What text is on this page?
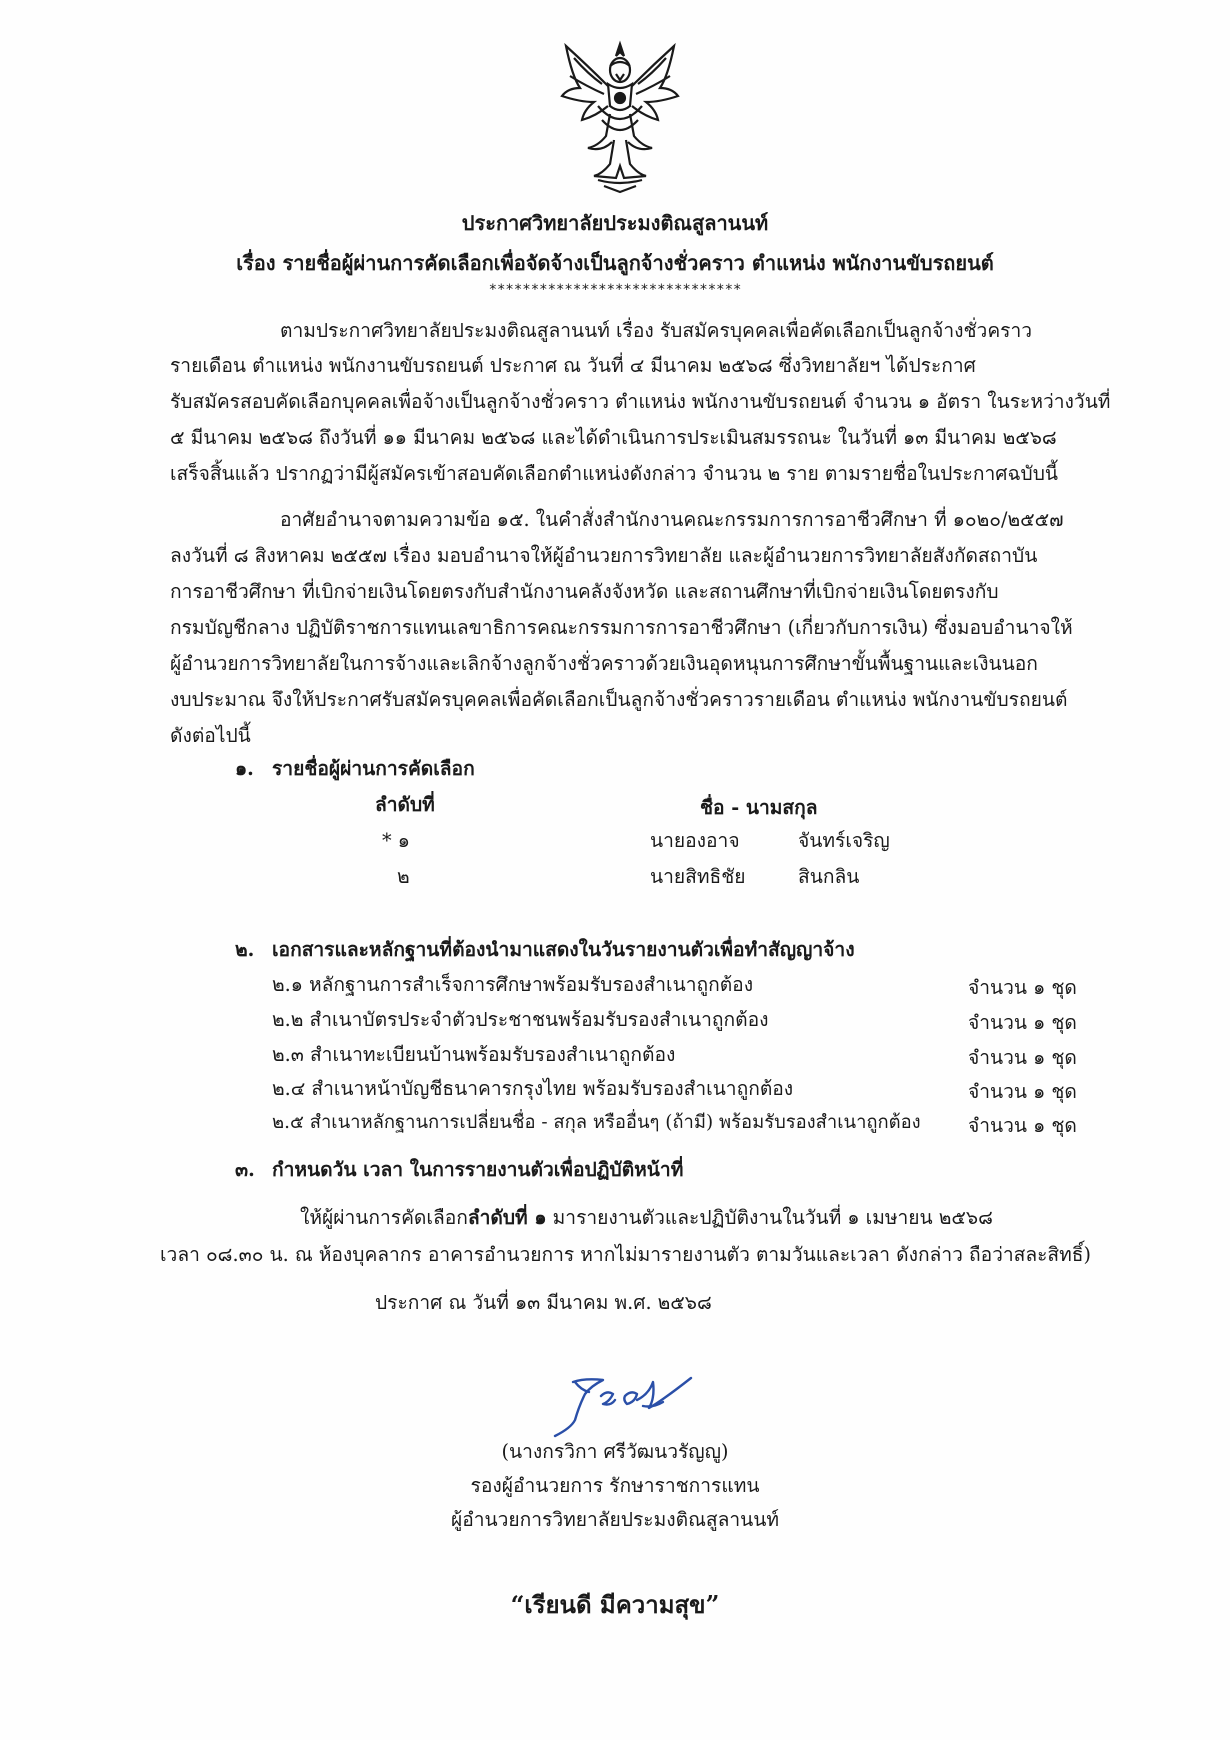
ประกาศวิทยาลัยประมงติณสูลานนท์
เรื่อง รายชื่อผู้ผ่านการคัดเลือกเพื่อจัดจ้างเป็นลูกจ้างชั่วคราว ตำแหน่ง พนักงานขับรถยนต์
******************************
ตามประกาศวิทยาลัยประมงติณสูลานนท์ เรื่อง รับสมัครบุคคลเพื่อคัดเลือกเป็นลูกจ้างชั่วคราว
รายเดือน ตำแหน่ง พนักงานขับรถยนต์ ประกาศ ณ วันที่ ๔ มีนาคม ๒๕๖๘ ซึ่งวิทยาลัยฯ ได้ประกาศ
รับสมัครสอบคัดเลือกบุคคลเพื่อจ้างเป็นลูกจ้างชั่วคราว ตำแหน่ง พนักงานขับรถยนต์ จำนวน ๑ อัตรา ในระหว่างวันที่
๕ มีนาคม ๒๕๖๘ ถึงวันที่ ๑๑ มีนาคม ๒๕๖๘ และได้ดำเนินการประเมินสมรรถนะ ในวันที่ ๑๓ มีนาคม ๒๕๖๘
เสร็จสิ้นแล้ว ปรากฏว่ามีผู้สมัครเข้าสอบคัดเลือกตำแหน่งดังกล่าว จำนวน ๒ ราย ตามรายชื่อในประกาศฉบับนี้
อาศัยอำนาจตามความข้อ ๑๕. ในคำสั่งสำนักงานคณะกรรมการการอาชีวศึกษา ที่ ๑๐๒๐/๒๕๕๗
ลงวันที่ ๘ สิงหาคม ๒๕๕๗ เรื่อง มอบอำนาจให้ผู้อำนวยการวิทยาลัย และผู้อำนวยการวิทยาลัยสังกัดสถาบัน
การอาชีวศึกษา ที่เบิกจ่ายเงินโดยตรงกับสำนักงานคลังจังหวัด และสถานศึกษาที่เบิกจ่ายเงินโดยตรงกับ
กรมบัญชีกลาง ปฏิบัติราชการแทนเลขาธิการคณะกรรมการการอาชีวศึกษา (เกี่ยวกับการเงิน) ซึ่งมอบอำนาจให้
ผู้อำนวยการวิทยาลัยในการจ้างและเลิกจ้างลูกจ้างชั่วคราวด้วยเงินอุดหนุนการศึกษาขั้นพื้นฐานและเงินนอก
งบประมาณ จึงให้ประกาศรับสมัครบุคคลเพื่อคัดเลือกเป็นลูกจ้างชั่วคราวรายเดือน ตำแหน่ง พนักงานขับรถยนต์
ดังต่อไปนี้
๑. รายชื่อผู้ผ่านการคัดเลือก
ลำดับที่	ชื่อ - นามสกุล
* ๑	นายองอาจ	จันทร์เจริญ
๒	นายสิทธิชัย	สินกลิน
๒. เอกสารและหลักฐานที่ต้องนำมาแสดงในวันรายงานตัวเพื่อทำสัญญาจ้าง
๒.๑ หลักฐานการสำเร็จการศึกษาพร้อมรับรองสำเนาถูกต้อง	จำนวน ๑ ชุด
๒.๒ สำเนาบัตรประจำตัวประชาชนพร้อมรับรองสำเนาถูกต้อง	จำนวน ๑ ชุด
๒.๓ สำเนาทะเบียนบ้านพร้อมรับรองสำเนาถูกต้อง	จำนวน ๑ ชุด
๒.๔ สำเนาหน้าบัญชีธนาคารกรุงไทย พร้อมรับรองสำเนาถูกต้อง	จำนวน ๑ ชุด
๒.๕ สำเนาหลักฐานการเปลี่ยนชื่อ - สกุล หรืออื่นๆ (ถ้ามี) พร้อมรับรองสำเนาถูกต้อง จำนวน ๑ ชุด
๓. กำหนดวัน เวลา ในการรายงานตัวเพื่อปฏิบัติหน้าที่
ให้ผู้ผ่านการคัดเลือกลำดับที่ ๑ มารายงานตัวและปฏิบัติงานในวันที่ ๑ เมษายน ๒๕๖๘
เวลา ๐๘.๓๐ น. ณ ห้องบุคลากร อาคารอำนวยการ หากไม่มารายงานตัว ตามวันและเวลา ดังกล่าว ถือว่าสละสิทธิ์)
ประกาศ ณ วันที่ ๑๓ มีนาคม พ.ศ. ๒๕๖๘
(นางกรวิกา ศรีวัฒนวรัญญู)
รองผู้อำนวยการ รักษาราชการแทน
ผู้อำนวยการวิทยาลัยประมงติณสูลานนท์
“เรียนดี มีความสุข”
